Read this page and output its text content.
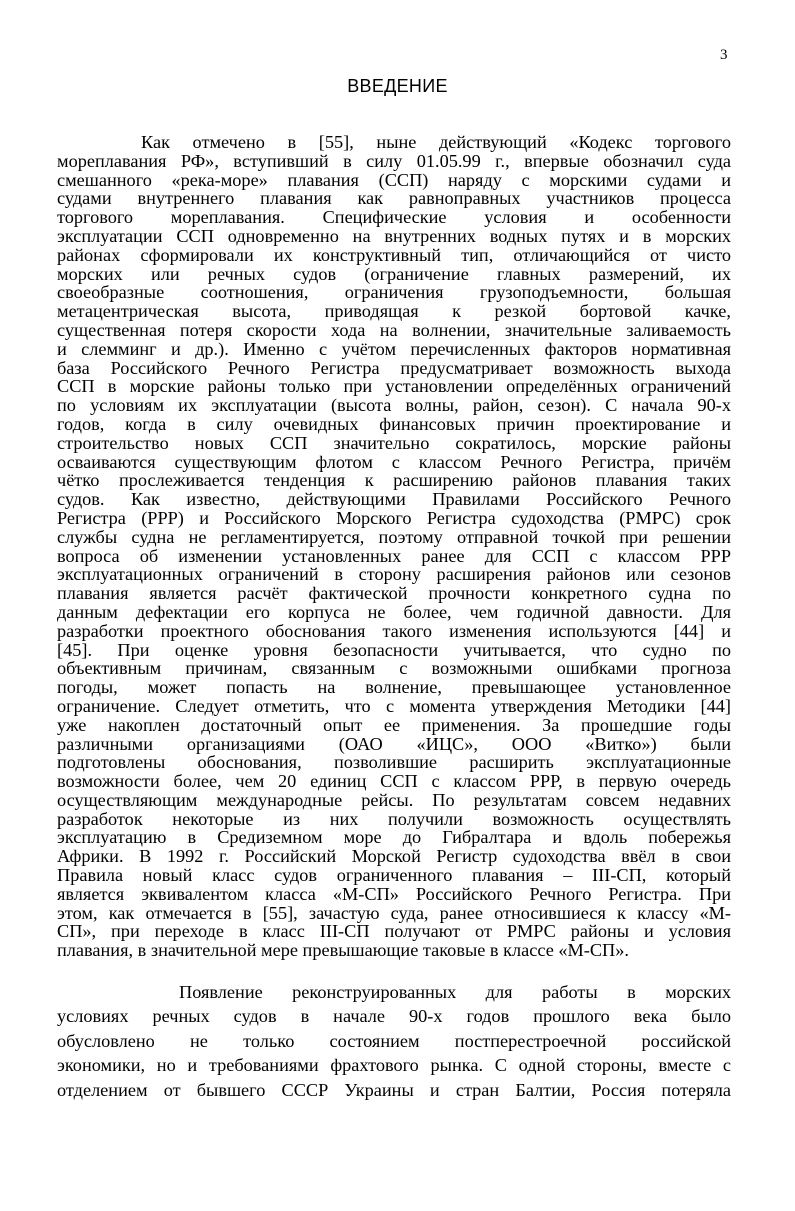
3
ВВЕДЕНИЕ
Как отмечено в [55], ныне действующий «Кодекс торгового
мореплавания РФ», вступивший в силу 01.05.99 г., впервые обозначил суда
смешанного «река-море» плавания (ССП) наряду с морскими судами и
судами внутреннего плавания как равноправных участников процесса
торгового мореплавания. Специфические условия и особенности
эксплуатации ССП одновременно на внутренних водных путях и в морских
районах сформировали их конструктивный тип, отличающийся от чисто
морских или речных судов (ограничение главных размерений, их
своеобразные соотношения, ограничения грузоподъемности, большая
метацентрическая высота, приводящая к резкой бортовой качке,
существенная потеря скорости хода на волнении, значительные заливаемость
и слемминг и др.). Именно с учётом перечисленных факторов нормативная
база Российского Речного Регистра предусматривает возможность выхода
ССП в морские районы только при установлении определённых ограничений
по условиям их эксплуатации (высота волны, район, сезон). С начала 90-х
годов, когда в силу очевидных финансовых причин проектирование и
строительство новых ССП значительно сократилось, морские районы
осваиваются существующим флотом с классом Речного Регистра, причём
чётко прослеживается тенденция к расширению районов плавания таких
судов. Как известно, действующими Правилами Российского Речного
Регистра (РРР) и Российского Морского Регистра судоходства (РМРС) срок
службы судна не регламентируется, поэтому отправной точкой при решении
вопроса об изменении установленных ранее для ССП с классом РРР
эксплуатационных ограничений в сторону расширения районов или сезонов
плавания является расчёт фактической прочности конкретного судна по
данным дефектации его корпуса не более, чем годичной давности. Для
разработки проектного обоснования такого изменения используются [44] и
[45]. При оценке уровня безопасности учитывается, что судно по
объективным причинам, связанным с возможными ошибками прогноза
погоды, может попасть на волнение, превышающее установленное
ограничение. Следует отметить, что с момента утверждения Методики [44]
уже накоплен достаточный опыт ее применения. За прошедшие годы
различными организациями (ОАО «ИЦС», ООО «Витко») были
подготовлены обоснования, позволившие расширить эксплуатационные
возможности более, чем 20 единиц ССП с классом РРР, в первую очередь
осуществляющим международные рейсы. По результатам совсем недавних
разработок некоторые из них получили возможность осуществлять
эксплуатацию в Средиземном море до Гибралтара и вдоль побережья
Африки. В 1992 г. Российский Морской Регистр судоходства ввёл в свои
Правила новый класс судов ограниченного плавания – III-СП, который
является эквивалентом класса «М-СП» Российского Речного Регистра. При
этом, как отмечается в [55], зачастую суда, ранее относившиеся к классу «М-
СП», при переходе в класс III-СП получают от РМРС районы и условия
плавания, в значительной мере превышающие таковые в классе «М-СП».
Появление реконструированных для работы в морских
условиях речных судов в начале 90-х годов прошлого века было
обусловлено не только состоянием постперестроечной российской
экономики, но и требованиями фрахтового рынка. С одной стороны, вместе с
отделением от бывшего СССР Украины и стран Балтии, Россия потеряла
